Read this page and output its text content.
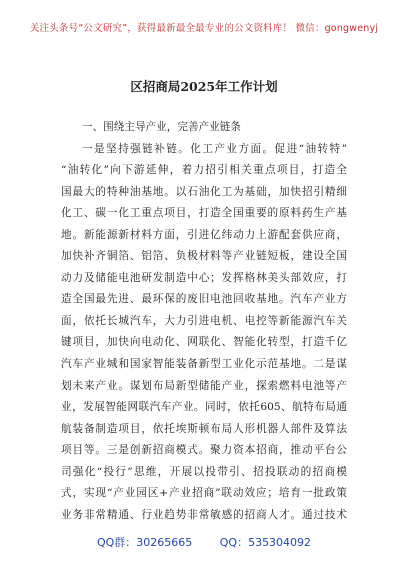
关注头条号“公文研究”，获得最新最全最专业的公文资料库！ 微信：gongwenyj
区招商局2025年工作计划

一、围绕主导产业，完善产业链条

一是坚持强链补链。化工产业方面。促进“油转特”

“油转化”向下游延伸，着力招引相关重点项目，打造全

国最大的特种油基地。以石油化工为基础，加快招引精细

化工、碳一化工重点项目，打造全国重要的原料药生产基

地。新能源新材料方面，引进亿纬动力上游配套供应商，

加快补齐铜箔、铝箔、负极材料等产业链短板，建设全国

动力及储能电池研发制造中心；发挥格林美头部效应，打

造全国最先进、最环保的废旧电池回收基地。汽车产业方

面，依托长城汽车，大力引进电机、电控等新能源汽车关

键项目，加快向电动化、网联化、智能化转型，打造千亿

汽车产业城和国家智能装备新型工业化示范基地。二是谋

划未来产业。谋划布局新型储能产业，探索燃料电池等产

业，发展智能网联汽车产业。同时，依托605、航特布局通

航装备制造项目，依托埃斯顿布局人形机器人部件及算法

项目等。三是创新招商模式。聚力资本招商，推动平台公

司强化“投行”思维，开展以投带引、招投联动的招商模

式，实现“产业园区+产业招商”联动效应；培育一批政策

业务非常精通、行业趋势非常敏感的招商人才。通过技术

QQ群：30265665	QQ：535304092
